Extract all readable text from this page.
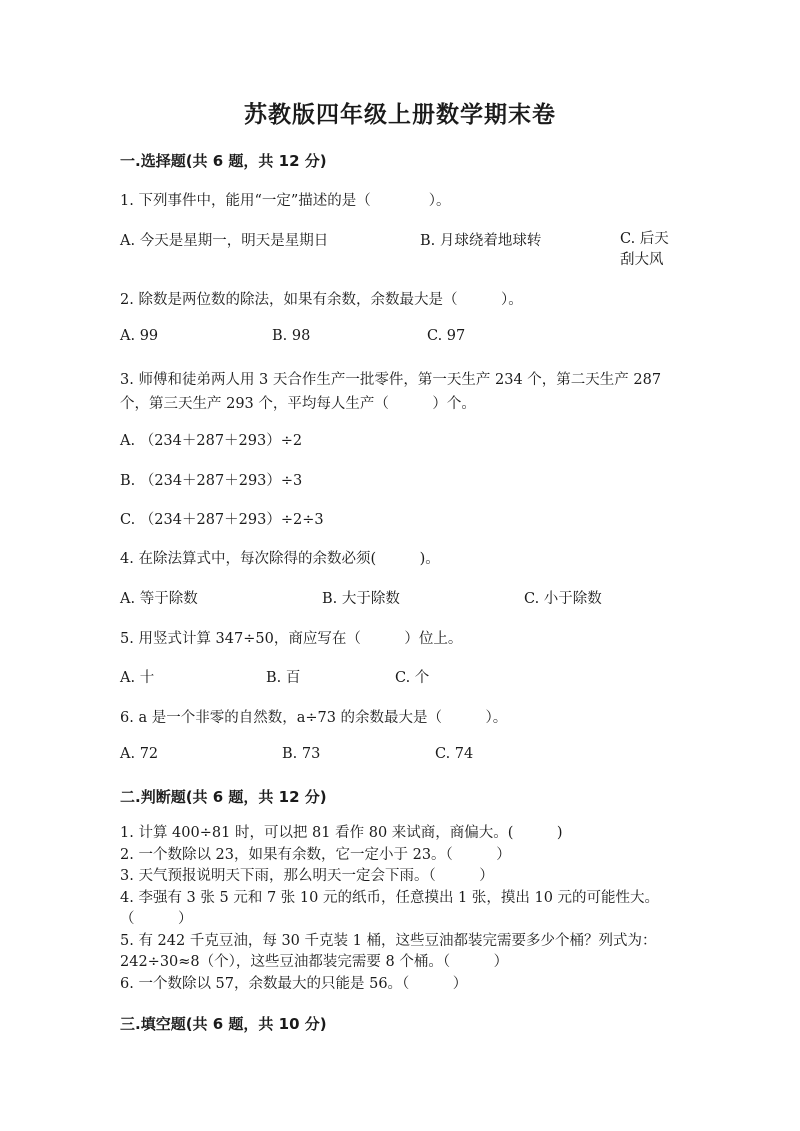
苏教版四年级上册数学期末卷
一.选择题(共 6 题，共 12 分)
1. 下列事件中，能用“一定”描述的是（　　　　）。
A. 今天是星期一，明天是星期日	B. 月球绕着地球转	C. 后天刮大风
2. 除数是两位数的除法，如果有余数，余数最大是（　　　）。
A. 99	B. 98	C. 97
3. 师傅和徒弟两人用 3 天合作生产一批零件，第一天生产 234 个，第二天生产 287 个，第三天生产 293 个，平均每人生产（　　　）个。
A. （234＋287＋293）÷2
B. （234＋287＋293）÷3
C. （234＋287＋293）÷2÷3
4. 在除法算式中，每次除得的余数必须(　　　)。
A. 等于除数	B. 大于除数	C. 小于除数
5. 用竖式计算 347÷50，商应写在（　　　）位上。
A. 十	B. 百	C. 个
6. a 是一个非零的自然数，a÷73 的余数最大是（　　　）。
A. 72	B. 73	C. 74
二.判断题(共 6 题，共 12 分)
1. 计算 400÷81 时，可以把 81 看作 80 来试商，商偏大。(　　　)
2. 一个数除以 23，如果有余数，它一定小于 23。（　　　）
3. 天气预报说明天下雨，那么明天一定会下雨。（　　　）
4. 李强有 3 张 5 元和 7 张 10 元的纸币，任意摸出 1 张，摸出 10 元的可能性大。　　（　　　）
5. 有 242 千克豆油，每 30 千克装 1 桶，这些豆油都装完需要多少个桶？列式为：242÷30≈8（个），这些豆油都装完需要 8 个桶。（　　　）
6. 一个数除以 57，余数最大的只能是 56。（　　　）
三.填空题(共 6 题，共 10 分)
